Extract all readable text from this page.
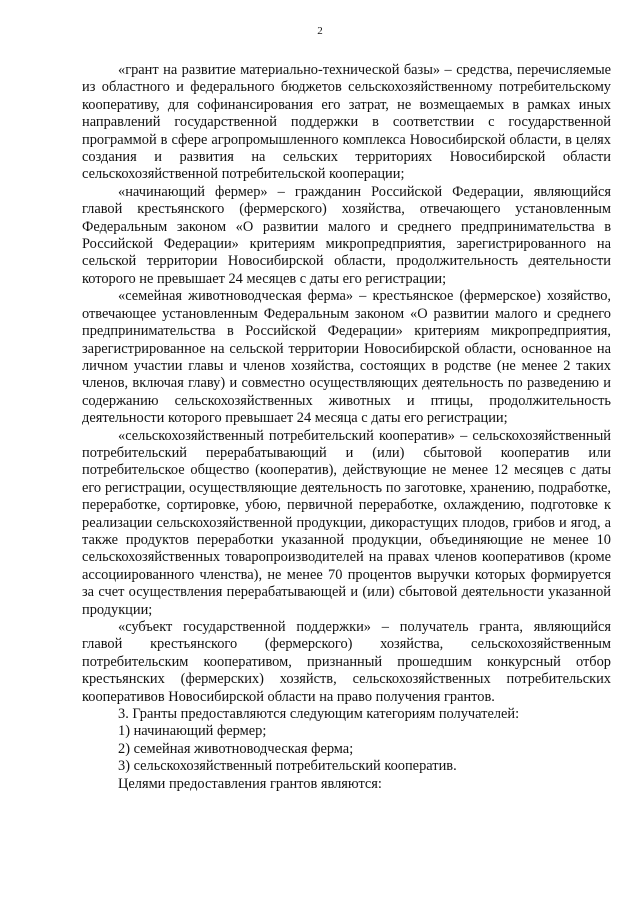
2

«грант на развитие материально-технической базы» – средства, перечисляемые из областного и федерального бюджетов сельскохозяйственному потребительскому кооперативу, для софинансирования его затрат, не возмещаемых в рамках иных направлений государственной поддержки в соответствии с государственной программой в сфере агропромышленного комплекса Новосибирской области, в целях создания и развития на сельских территориях Новосибирской области сельскохозяйственной потребительской кооперации;

«начинающий фермер» – гражданин Российской Федерации, являющийся главой крестьянского (фермерского) хозяйства, отвечающего установленным Федеральным законом «О развитии малого и среднего предпринимательства в Российской Федерации» критериям микропредприятия, зарегистрированного на сельской территории Новосибирской области, продолжительность деятельности которого не превышает 24 месяцев с даты его регистрации;

«семейная животноводческая ферма» – крестьянское (фермерское) хозяйство, отвечающее установленным Федеральным законом «О развитии малого и среднего предпринимательства в Российской Федерации» критериям микропредприятия, зарегистрированное на сельской территории Новосибирской области, основанное на личном участии главы и членов хозяйства, состоящих в родстве (не менее 2 таких членов, включая главу) и совместно осуществляющих деятельность по разведению и содержанию сельскохозяйственных животных и птицы, продолжительность деятельности которого превышает 24 месяца с даты его регистрации;

«сельскохозяйственный потребительский кооператив» – сельскохозяйственный потребительский перерабатывающий и (или) сбытовой кооператив или потребительское общество (кооператив), действующие не менее 12 месяцев с даты его регистрации, осуществляющие деятельность по заготовке, хранению, подработке, переработке, сортировке, убою, первичной переработке, охлаждению, подготовке к реализации сельскохозяйственной продукции, дикорастущих плодов, грибов и ягод, а также продуктов переработки указанной продукции, объединяющие не менее 10 сельскохозяйственных товаропроизводителей на правах членов кооперативов (кроме ассоциированного членства), не менее 70 процентов выручки которых формируется за счет осуществления перерабатывающей и (или) сбытовой деятельности указанной продукции;

«субъект государственной поддержки» – получатель гранта, являющийся главой крестьянского (фермерского) хозяйства, сельскохозяйственным потребительским кооперативом, признанный прошедшим конкурсный отбор крестьянских (фермерских) хозяйств, сельскохозяйственных потребительских кооперативов Новосибирской области на право получения грантов.

3. Гранты предоставляются следующим категориям получателей:

1) начинающий фермер;

2) семейная животноводческая ферма;

3) сельскохозяйственный потребительский кооператив.

Целями предоставления грантов являются:
